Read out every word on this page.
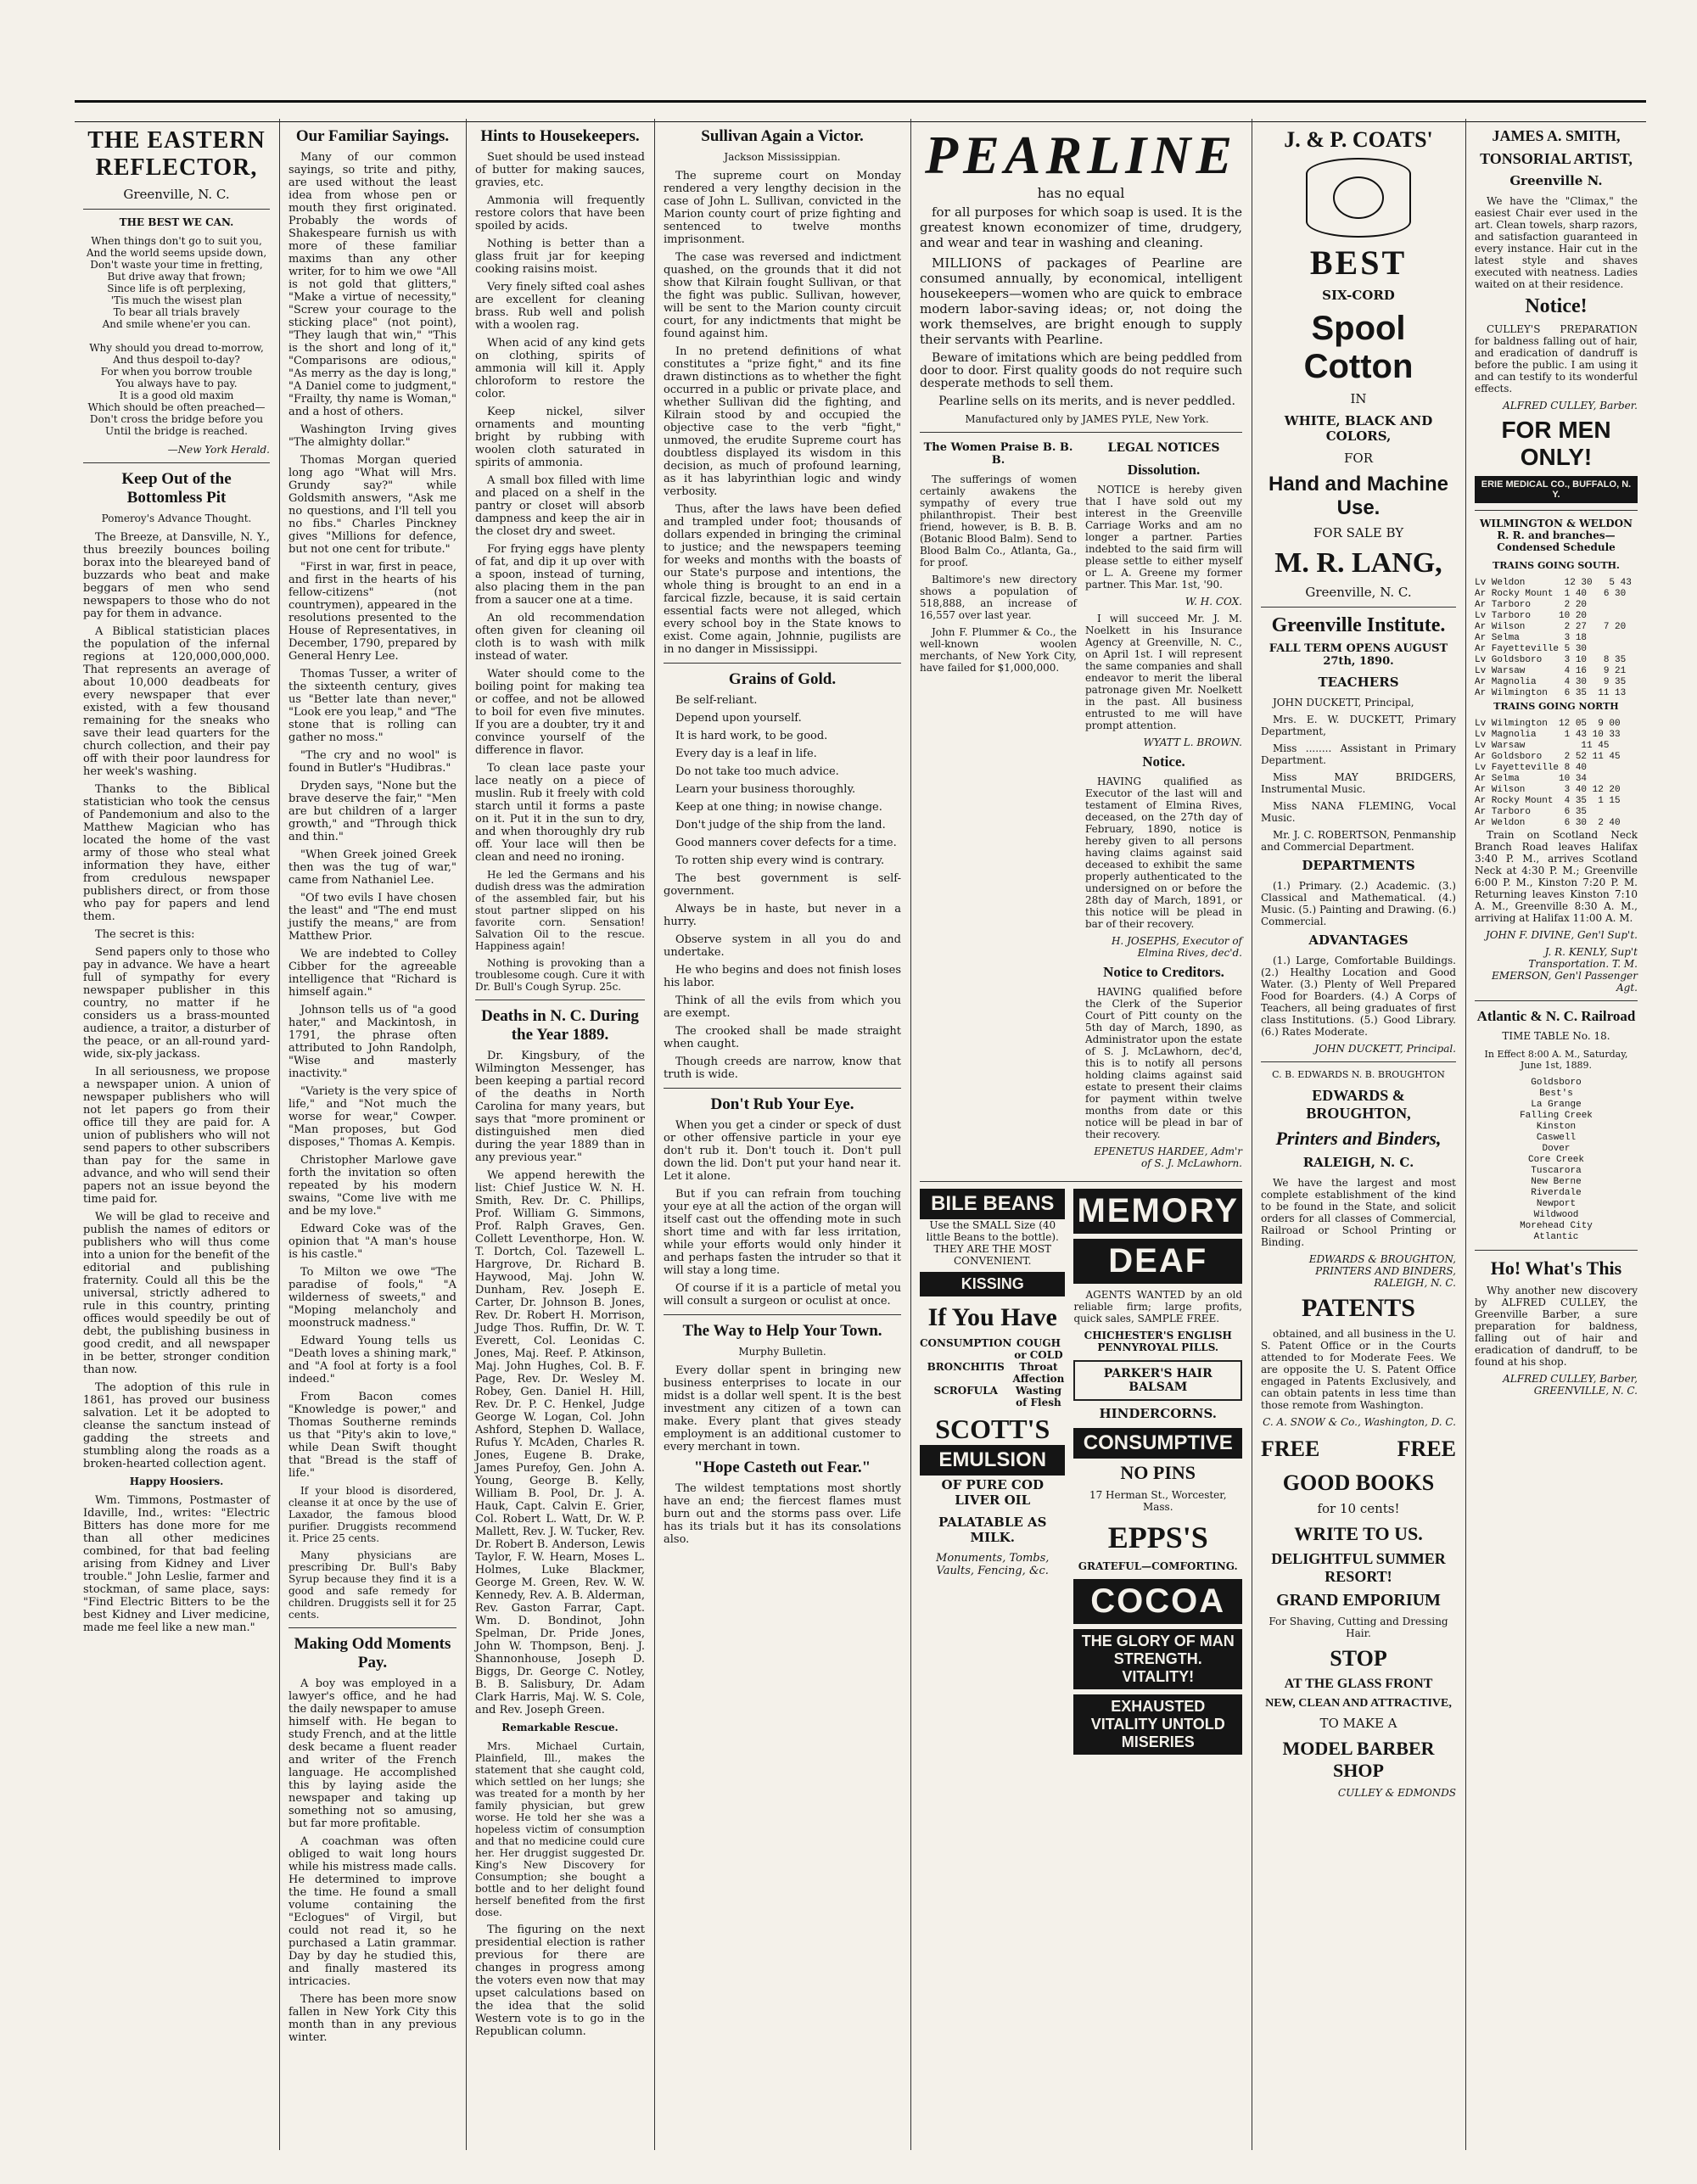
THE EASTERN REFLECTOR,
Greenville, N. C.
THE BEST WE CAN.
When things don't go to suit you,
And the world seems upside down,
Don't waste your time in fretting,
But drive away that frown;
Since life is oft perplexing,
'Tis much the wisest plan
To bear all trials bravely
And smile whene'er you can.

Why should you dread to-morrow,
And thus despoil to-day?
For when you borrow trouble
You always have to pay.
It is a good old maxim
Which should be often preached—
Don't cross the bridge before you
Until the bridge is reached.
—New York Herald.
Keep Out of the Bottomless Pit
Pomeroy's Advance Thought.

The Breeze, at Dansville, N. Y., thus breezily bounces boiling borax into the bleareyed band of buzzards who beat and make beggars of men who send newspapers to those who do not pay for them in advance.

A Biblical statistician places the population of the infernal regions at 120,000,000,000. That represents an average of about 10,000 deadbeats for every newspaper that ever existed, with a few thousand remaining for the sneaks who save their lead quarters for the church collection, and their pay off with their poor laundress for her week's washing.

Thanks to the Biblical statistician who took the census of Pandemonium and also to the Matthew Magician who has located the home of the vast army of those who steal what information they have, either from credulous newspaper publishers direct, or from those who pay for papers and lend them.

The secret is this:

Send papers only to those who pay in advance. We have a heart full of sympathy for every newspaper publisher in this country, no matter if he considers us a brass-mounted audience, a traitor, a disturber of the peace, or an all-round yard-wide, six-ply jackass.

In all seriousness, we propose a newspaper union. A union of newspaper publishers who will not let papers go from their office till they are paid for. A union of publishers who will not send papers to other subscribers than pay for the same in advance, and who will send their papers not an issue beyond the time paid for.

We will be glad to receive and publish the names of editors or publishers who will thus come into a union for the benefit of the editorial and publishing fraternity. Could all this be the universal, strictly adhered to rule in this country, printing offices would speedily be out of debt, the publishing business in good credit, and all newspaper in be better, stronger condition than now.

The adoption of this rule in 1861, has proved our business salvation. Let it be adopted to cleanse the sanctum instead of gadding the streets and stumbling along the roads as a broken-hearted collection agent.

Happy Hoosiers.

Wm. Timmons, Postmaster of Idaville, Ind., writes: "Electric Bitters has done more for me than all other medicines combined, for that bad feeling arising from Kidney and Liver trouble." John Leslie, farmer and stockman, of same place, says: "Find Electric Bitters to be the best Kidney and Liver medicine, made me feel like a new man."

Our Familiar Sayings.

Many of our common sayings, so trite and pithy, are used without the least idea from whose pen or mouth they first originated. Probably the words of Shakespeare furnish us with more of these familiar maxims than any other writer, for to him we owe "All is not gold that glitters," "Make a virtue of necessity," "Screw your courage to the sticking place" (not point), "They laugh that win," "This is the short and long of it," "Comparisons are odious," "As merry as the day is long," "A Daniel come to judgment," "Frailty, thy name is Woman," and a host of others.

Washington Irving gives "The almighty dollar."

Thomas Morgan queried long ago "What will Mrs. Grundy say?" while Goldsmith answers, "Ask me no questions, and I'll tell you no fibs." Charles Pinckney gives "Millions for defence, but not one cent for tribute."

"First in war, first in peace, and first in the hearts of his fellow-citizens" (not countrymen), appeared in the resolutions presented to the House of Representatives, in December, 1790, prepared by General Henry Lee.

Thomas Tusser, a writer of the sixteenth century, gives us "Better late than never," "Look ere you leap," and "The stone that is rolling can gather no moss."

"The cry and no wool" is found in Butler's "Hudibras."

Dryden says, "None but the brave deserve the fair," "Men are but children of a larger growth," and "Through thick and thin."

"When Greek joined Greek then was the tug of war," came from Nathaniel Lee.

"Of two evils I have chosen the least" and "The end must justify the means," are from Matthew Prior.

We are indebted to Colley Cibber for the agreeable intelligence that "Richard is himself again."

Johnson tells us of "a good hater," and Mackintosh, in 1791, the phrase often attributed to John Randolph, "Wise and masterly inactivity."

"Variety is the very spice of life," and "Not much the worse for wear," Cowper. "Man proposes, but God disposes," Thomas A. Kempis.

Christopher Marlowe gave forth the invitation so often repeated by his modern swains, "Come live with me and be my love."

Edward Coke was of the opinion that "A man's house is his castle."

To Milton we owe "The paradise of fools," "A wilderness of sweets," and "Moping melancholy and moonstruck madness."

Edward Young tells us "Death loves a shining mark," and "A fool at forty is a fool indeed."

From Bacon comes "Knowledge is power," and Thomas Southerne reminds us that "Pity's akin to love," while Dean Swift thought that "Bread is the staff of life."

If your blood is disordered, cleanse it at once by the use of Laxador, the famous blood purifier. Druggists recommend it. Price 25 cents.

Many physicians are prescribing Dr. Bull's Baby Syrup because they find it is a good and safe remedy for children. Druggists sell it for 25 cents.

Making Odd Moments Pay.

A boy was employed in a lawyer's office, and he had the daily newspaper to amuse himself with. He began to study French, and at the little desk became a fluent reader and writer of the French language. He accomplished this by laying aside the newspaper and taking up something not so amusing, but far more profitable.

A coachman was often obliged to wait long hours while his mistress made calls. He determined to improve the time. He found a small volume containing the "Eclogues" of Virgil, but could not read it, so he purchased a Latin grammar. Day by day he studied this, and finally mastered its intricacies.

There has been more snow fallen in New York City this month than in any previous winter.

Hints to Housekeepers.

Suet should be used instead of butter for making sauces, gravies, etc.

Ammonia will frequently restore colors that have been spoiled by acids.

Nothing is better than a glass fruit jar for keeping cooking raisins moist.

Very finely sifted coal ashes are excellent for cleaning brass. Rub well and polish with a woolen rag.

When acid of any kind gets on clothing, spirits of ammonia will kill it. Apply chloroform to restore the color.

Keep nickel, silver ornaments and mounting bright by rubbing with woolen cloth saturated in spirits of ammonia.

A small box filled with lime and placed on a shelf in the pantry or closet will absorb dampness and keep the air in the closet dry and sweet.

For frying eggs have plenty of fat, and dip it up over with a spoon, instead of turning, also placing them in the pan from a saucer one at a time.

An old recommendation often given for cleaning oil cloth is to wash with milk instead of water.

Water should come to the boiling point for making tea or coffee, and not be allowed to boil for even five minutes. If you are a doubter, try it and convince yourself of the difference in flavor.

To clean lace paste your lace neatly on a piece of muslin. Rub it freely with cold starch until it forms a paste on it. Put it in the sun to dry, and when thoroughly dry rub off. Your lace will then be clean and need no ironing.

He led the Germans and his dudish dress was the admiration of the assembled fair, but his stout partner slipped on his favorite corn. Sensation! Salvation Oil to the rescue. Happiness again!

Nothing is provoking than a troublesome cough. Cure it with Dr. Bull's Cough Syrup. 25c.

Deaths in N. C. During the Year 1889.

Dr. Kingsbury, of the Wilmington Messenger, has been keeping a partial record of the deaths in North Carolina for many years, but says that "more prominent or distinguished men died during the year 1889 than in any previous year."

We append herewith the list: Chief Justice W. N. H. Smith, Rev. Dr. C. Phillips, Prof. William G. Simmons, Prof. Ralph Graves, Gen. Collett Leventhorpe, Hon. W. T. Dortch, Col. Tazewell L. Hargrove, Dr. Richard B. Haywood, Maj. John W. Dunham, Rev. Joseph E. Carter, Dr. Johnson B. Jones, Rev. Dr. Robert H. Morrison, Judge Thos. Ruffin, Dr. W. T. Everett, Col. Leonidas C. Jones, Maj. Reef. P. Atkinson, Maj. John Hughes, Col. B. F. Page, Rev. Dr. Wesley M. Robey, Gen. Daniel H. Hill, Rev. Dr. P. C. Henkel, Judge George W. Logan, Col. John Ashford, Stephen D. Wallace, Rufus Y. McAden, Charles R. Jones, Eugene B. Drake, James Purefoy, Gen. John A. Young, George B. Kelly, William B. Pool, Dr. J. A. Hauk, Capt. Calvin E. Grier, Col. Robert L. Watt, Dr. W. P. Mallett, Rev. J. W. Tucker, Rev. Dr. Robert B. Anderson, Lewis Taylor, F. W. Hearn, Moses L. Holmes, Luke Blackmer, George M. Green, Rev. W. W. Kennedy, Rev. A. B. Alderman, Rev. Gaston Farrar, Capt. Wm. D. Bondinot, John Spelman, Dr. Pride Jones, John W. Thompson, Benj. J. Shannonhouse, Joseph D. Biggs, Dr. George C. Notley, B. B. Salisbury, Dr. Adam Clark Harris, Maj. W. S. Cole, and Rev. Joseph Green.

Remarkable Rescue.

Mrs. Michael Curtain, Plainfield, Ill., makes the statement that she caught cold, which settled on her lungs; she was treated for a month by her family physician, but grew worse. He told her she was a hopeless victim of consumption and that no medicine could cure her. Her druggist suggested Dr. King's New Discovery for Consumption; she bought a bottle and to her delight found herself benefited from the first dose.

The figuring on the next presidential election is rather previous for there are changes in progress among the voters even now that may upset calculations based on the idea that the solid Western vote is to go in the Republican column.

Sullivan Again a Victor.
Jackson Mississippian.

The supreme court on Monday rendered a very lengthy decision in the case of John L. Sullivan, convicted in the Marion county court of prize fighting and sentenced to twelve months imprisonment.

The case was reversed and indictment quashed, on the grounds that it did not show that Kilrain fought Sullivan, or that the fight was public. Sullivan, however, will be sent to the Marion county circuit court, for any indictments that might be found against him.

In no pretend definitions of what constitutes a "prize fight," and its fine drawn distinctions as to whether the fight occurred in a public or private place, and whether Sullivan did the fighting, and Kilrain stood by and occupied the objective case to the verb "fight," unmoved, the erudite Supreme court has doubtless displayed its wisdom in this decision, as much of profound learning, as it has labyrinthian logic and windy verbosity.

Thus, after the laws have been defied and trampled under foot; thousands of dollars expended in bringing the criminal to justice; and the newspapers teeming for weeks and months with the boasts of our State's purpose and intentions, the whole thing is brought to an end in a farcical fizzle, because, it is said certain essential facts were not alleged, which every school boy in the State knows to exist. Come again, Johnnie, pugilists are in no danger in Mississippi.

Grains of Gold.

Be self-reliant.

Depend upon yourself.

It is hard work, to be good.

Every day is a leaf in life.

Do not take too much advice.

Learn your business thoroughly.

Keep at one thing; in nowise change.

Don't judge of the ship from the land.

Good manners cover defects for a time.

To rotten ship every wind is contrary.

The best government is self-government.

Always be in haste, but never in a hurry.

Observe system in all you do and undertake.

He who begins and does not finish loses his labor.

Think of all the evils from which you are exempt.

The crooked shall be made straight when caught.

Though creeds are narrow, know that truth is wide.

Don't Rub Your Eye.

When you get a cinder or speck of dust or other offensive particle in your eye don't rub it. Don't touch it. Don't pull down the lid. Don't put your hand near it. Let it alone.

But if you can refrain from touching your eye at all the action of the organ will itself cast out the offending mote in such short time and with far less irritation, while your efforts would only hinder it and perhaps fasten the intruder so that it will stay a long time.

Of course if it is a particle of metal you will consult a surgeon or oculist at once.

The Way to Help Your Town.
Murphy Bulletin.

Every dollar spent in bringing new business enterprises to locate in our midst is a dollar well spent. It is the best investment any citizen of a town can make. Every plant that gives steady employment is an additional customer to every merchant in town.

"Hope Casteth out Fear."

The wildest temptations most shortly have an end; the fiercest flames must burn out and the storms pass over. Life has its trials but it has its consolations also.

PEARLINE

has no equal

for all purposes for which soap is used. It is the greatest known economizer of time, drudgery, and wear and tear in washing and cleaning.

MILLIONS of packages of Pearline are consumed annually, by economical, intelligent housekeepers—women who are quick to embrace modern labor-saving ideas; or, not doing the work themselves, are bright enough to supply their servants with Pearline.

Beware of imitations which are being peddled from door to door. First quality goods do not require such desperate methods to sell them.

Pearline sells on its merits, and is never peddled.

Manufactured only by JAMES PYLE, New York.

The Women Praise B. B. B.

The sufferings of women certainly awakens the sympathy of every true philanthropist. Their best friend, however, is B. B. B. (Botanic Blood Balm). Send to Blood Balm Co., Atlanta, Ga., for proof.

Baltimore's new directory shows a population of 518,888, an increase of 16,557 over last year.

John F. Plummer & Co., the well-known woolen merchants, of New York City, have failed for $1,000,000.

LEGAL NOTICES
Dissolution.

NOTICE is hereby given that I have sold out my interest in the Greenville Carriage Works and am no longer a partner. Parties indebted to the said firm will please settle to either myself or L. A. Greene my former partner. This Mar. 1st, '90.

W. H. COX.

I will succeed Mr. J. M. Noelkett in his Insurance Agency at Greenville, N. C., on April 1st. I will represent the same companies and shall endeavor to merit the liberal patronage given Mr. Noelkett in the past. All business entrusted to me will have prompt attention.

WYATT L. BROWN.
Notice.

HAVING qualified as Executor of the last will and testament of Elmina Rives, deceased, on the 27th day of February, 1890, notice is hereby given to all persons having claims against said deceased to exhibit the same properly authenticated to the undersigned on or before the 28th day of March, 1891, or this notice will be plead in bar of their recovery.

H. JOSEPHS, Executor of Elmina Rives, dec'd.
Notice to Creditors.

HAVING qualified before the Clerk of the Superior Court of Pitt county on the 5th day of March, 1890, as Administrator upon the estate of S. J. McLawhorn, dec'd, this is to notify all persons holding claims against said estate to present their claims for payment within twelve months from date or this notice will be plead in bar of their recovery.

EPENETUS HARDEE, Adm'r of S. J. McLawhorn.
BILE BEANS

Use the SMALL Size (40 little Beans to the bottle). THEY ARE THE MOST CONVENIENT.

KISSING
If You Have
CONSUMPTION COUGH or COLD
BRONCHITIS	Throat Affection
SCROFULA	Wasting of Flesh
SCOTT'S
EMULSION
OF PURE COD LIVER OIL
PALATABLE AS MILK.
Monuments, Tombs, Vaults, Fencing, &c.
MEMORY
DEAF

AGENTS WANTED by an old reliable firm; large profits, quick sales, SAMPLE FREE.

CHICHESTER'S ENGLISH PENNYROYAL PILLS.
PARKER'S HAIR BALSAM
HINDERCORNS.
CONSUMPTIVE
NO PINS
17 Herman St., Worcester, Mass.
EPPS'S
GRATEFUL—COMFORTING.
COCOA
THE GLORY OF MAN STRENGTH. VITALITY!
EXHAUSTED VITALITY UNTOLD MISERIES
J. & P. COATS'
BEST
SIX-CORD
Spool Cotton
IN
WHITE, BLACK AND COLORS,
FOR
Hand and Machine Use.
FOR SALE BY
M. R. LANG,
Greenville, N. C.
Greenville Institute.
FALL TERM OPENS AUGUST 27th, 1890.
TEACHERS

JOHN DUCKETT, Principal,

Mrs. E. W. DUCKETT, Primary Department,

Miss ........ Assistant in Primary Department.

Miss MAY BRIDGERS, Instrumental Music.

Miss NANA FLEMING, Vocal Music.

Mr. J. C. ROBERTSON, Penmanship and Commercial Department.

DEPARTMENTS

(1.) Primary. (2.) Academic. (3.) Classical and Mathematical. (4.) Music. (5.) Painting and Drawing. (6.) Commercial.

ADVANTAGES

(1.) Large, Comfortable Buildings. (2.) Healthy Location and Good Water. (3.) Plenty of Well Prepared Food for Boarders. (4.) A Corps of Teachers, all being graduates of first class Institutions. (5.) Good Library. (6.) Rates Moderate.

JOHN DUCKETT, Principal.
C. B. EDWARDS N. B. BROUGHTON
EDWARDS & BROUGHTON,
Printers and Binders,
RALEIGH, N. C.

We have the largest and most complete establishment of the kind to be found in the State, and solicit orders for all classes of Commercial, Railroad or School Printing or Binding.

EDWARDS & BROUGHTON, PRINTERS AND BINDERS, RALEIGH, N. C.
PATENTS

obtained, and all business in the U. S. Patent Office or in the Courts attended to for Moderate Fees. We are opposite the U. S. Patent Office engaged in Patents Exclusively, and can obtain patents in less time than those remote from Washington.

C. A. SNOW & Co., Washington, D. C.
FREE	FREE
GOOD BOOKS
for 10 cents!
WRITE TO US.
DELIGHTFUL SUMMER RESORT!
GRAND EMPORIUM
For Shaving, Cutting and Dressing Hair.
STOP
AT THE GLASS FRONT
NEW, CLEAN AND ATTRACTIVE,
TO MAKE A
MODEL BARBER SHOP
CULLEY & EDMONDS
JAMES A. SMITH,
TONSORIAL ARTIST,
Greenville N.

We have the "Climax," the easiest Chair ever used in the art. Clean towels, sharp razors, and satisfaction guaranteed in every instance. Hair cut in the latest style and shaves executed with neatness. Ladies waited on at their residence.

Notice!

CULLEY'S PREPARATION for baldness falling out of hair, and eradication of dandruff is before the public. I am using it and can testify to its wonderful effects.

ALFRED CULLEY, Barber.
FOR MEN ONLY!
ERIE MEDICAL CO., BUFFALO, N. Y.
WILMINGTON & WELDON R. R. and branches—Condensed Schedule
TRAINS GOING SOUTH.
Lv Weldon       12 30   5 43
Ar Rocky Mount  1 40   6 30
Ar Tarboro      2 20
Lv Tarboro     10 20
Ar Wilson       2 27   7 20
Ar Selma        3 18
Ar Fayetteville 5 30
Lv Goldsboro    3 10   8 35
Lv Warsaw       4 16   9 21
Ar Magnolia     4 30   9 35
Ar Wilmington   6 35  11 13
TRAINS GOING NORTH
Lv Wilmington  12 05  9 00
Lv Magnolia     1 43 10 33
Lv Warsaw          11 45
Ar Goldsboro    2 52 11 45
Lv Fayetteville 8 40
Ar Selma       10 34
Ar Wilson       3 40 12 20
Ar Rocky Mount  4 35  1 15
Ar Tarboro      6 35
Ar Weldon       6 30  2 40

Train on Scotland Neck Branch Road leaves Halifax 3:40 P. M., arrives Scotland Neck at 4:30 P. M.; Greenville 6:00 P. M., Kinston 7:20 P. M. Returning leaves Kinston 7:10 A. M., Greenville 8:30 A. M., arriving at Halifax 11:00 A. M.

JOHN F. DIVINE, Gen'l Sup't.
J. R. KENLY, Sup't Transportation. T. M. EMERSON, Gen'l Passenger Agt.
Atlantic & N. C. Railroad
TIME TABLE No. 18.
In Effect 8:00 A. M., Saturday, June 1st, 1889.
Goldsboro
Best's
La Grange
Falling Creek
Kinston
Caswell
Dover
Core Creek
Tuscarora
New Berne
Riverdale
Newport
Wildwood
Morehead City
Atlantic
Ho! What's This

Why another new discovery by ALFRED CULLEY, the Greenville Barber, a sure preparation for baldness, falling out of hair and eradication of dandruff, to be found at his shop.

ALFRED CULLEY, Barber, GREENVILLE, N. C.
